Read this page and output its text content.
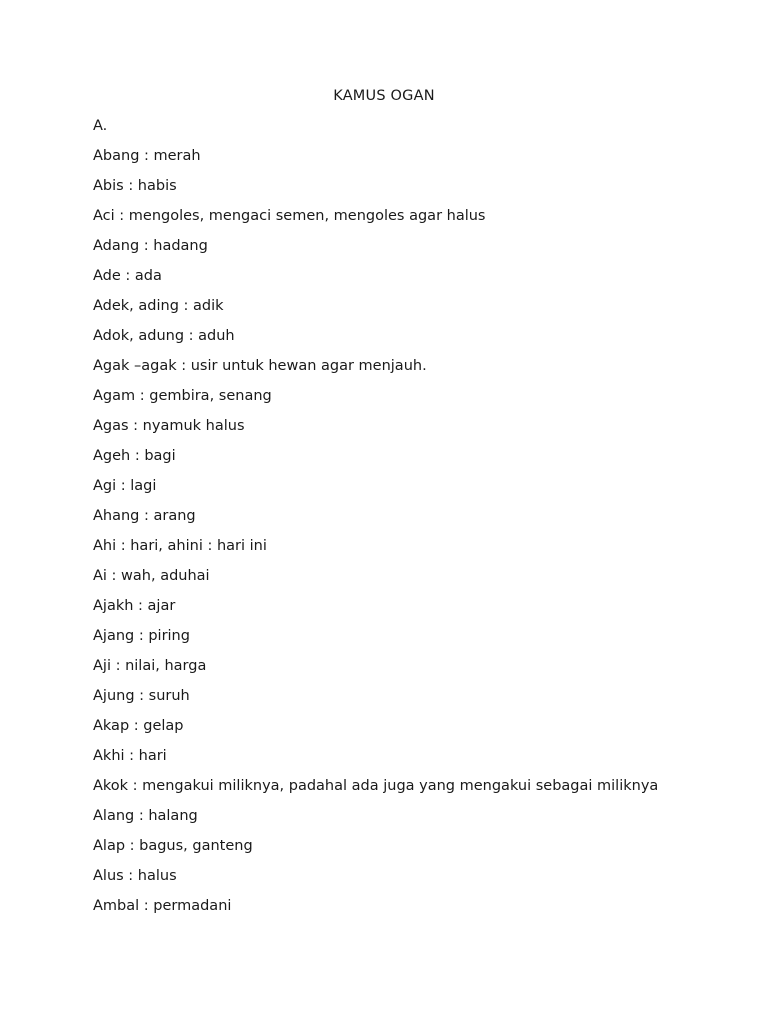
KAMUS OGAN
A.
Abang : merah
Abis : habis
Aci : mengoles, mengaci semen, mengoles agar halus
Adang : hadang
Ade : ada
Adek, ading : adik
Adok, adung : aduh
Agak –agak : usir untuk hewan agar menjauh.
Agam : gembira, senang
Agas : nyamuk halus
Ageh : bagi
Agi : lagi
Ahang : arang
Ahi : hari, ahini : hari ini
Ai : wah, aduhai
Ajakh : ajar
Ajang : piring
Aji : nilai, harga
Ajung : suruh
Akap : gelap
Akhi : hari
Akok : mengakui miliknya, padahal ada juga yang mengakui sebagai miliknya
Alang : halang
Alap : bagus, ganteng
Alus : halus
Ambal : permadani
